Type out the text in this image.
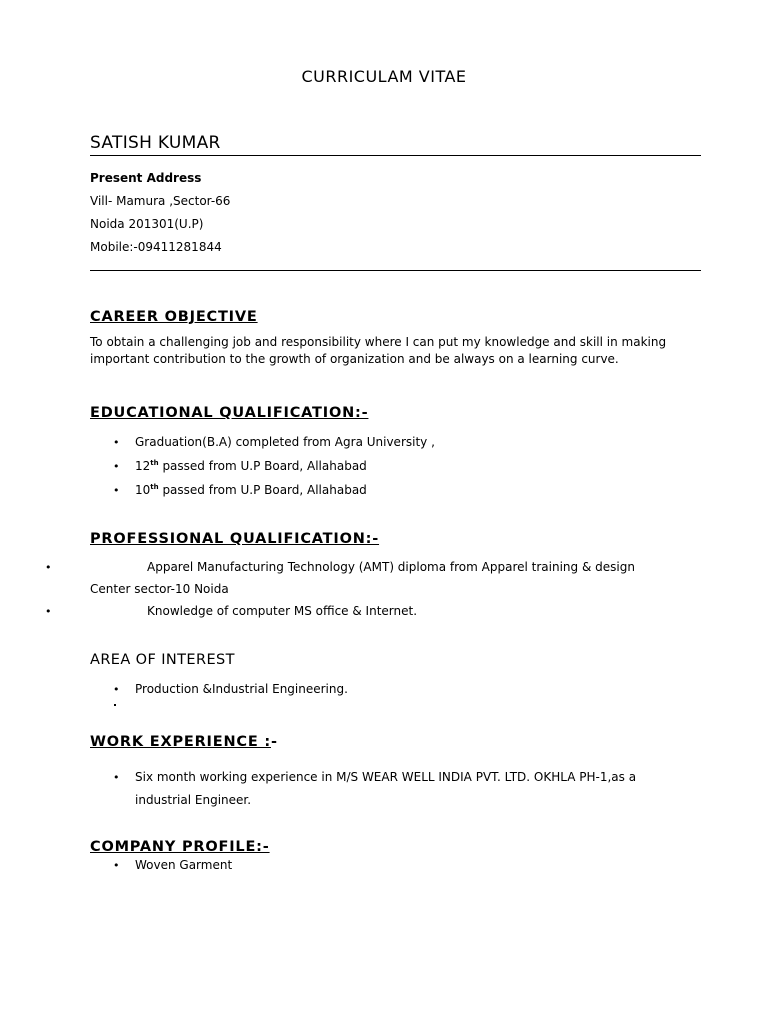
CURRICULAM VITAE
SATISH KUMAR
Present Address
Vill- Mamura ,Sector-66
Noida 201301(U.P)
Mobile:-09411281844
CAREER OBJECTIVE
To obtain a challenging job and responsibility where I can put my knowledge and skill in making important contribution to the growth of organization and be always on a learning curve.
EDUCATIONAL QUALIFICATION:-
• Graduation(B.A) completed from Agra University ,
• 12th passed from U.P Board, Allahabad
• 10th passed from U.P Board, Allahabad
PROFESSIONAL QUALIFICATION:-
•	Apparel Manufacturing Technology (AMT) diploma from Apparel training & design
Center sector-10 Noida
•	Knowledge of computer MS office & Internet.
AREA OF INTEREST
• Production &Industrial Engineering.
WORK EXPERIENCE :-
• Six month working experience in M/S WEAR WELL INDIA PVT. LTD. OKHLA PH-1,as a
industrial Engineer.
COMPANY PROFILE:-
• Woven Garment
